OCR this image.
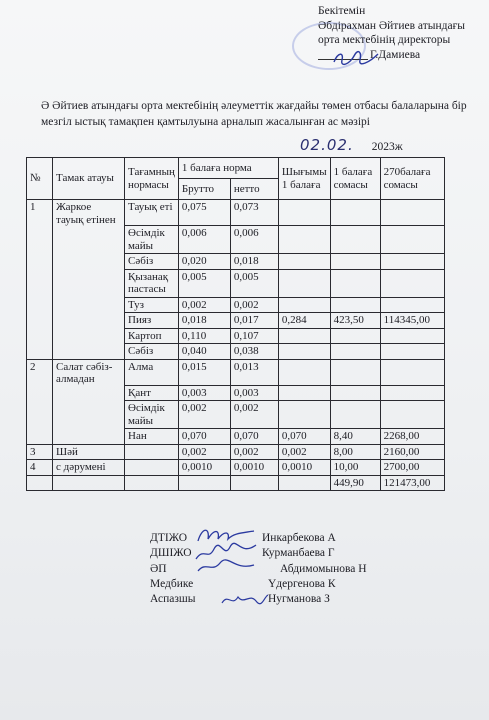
Бекітемін
Әбдірахман Әйтиев атындағы
орта мектебінің директоры
Г.Дамиева
Ә Әйтиев атындағы орта мектебінің әлеуметтік жағдайы төмен отбасы балаларына бір мезгіл ыстық тамақпен қамтылуына арналып жасалынған ас мәзірі
02.02. 2023ж
№	Тамак атауы	Тағамның нормасы	1 балаға норма		Шығымы 1 балаға	1 балаға сомасы	270балаға сомасы
			Брутто	нетто			
1	Жаркое тауық етінен	Тауық еті	0,075	0,073			
		Өсімдік майы	0,006	0,006			
		Сәбіз	0,020	0,018			
		Қызанақ пастасы	0,005	0,005			
		Туз	0,002	0,002			
		Пияз	0,018	0,017	0,284	423,50	114345,00
		Картоп	0,110	0,107			
		Сәбіз	0,040	0,038			
2	Салат сәбіз-алмадан	Алма	0,015	0,013			
		Қант	0,003	0,003			
		Өсімдік майы	0,002	0,002			
		Нан	0,070	0,070	0,070	8,40	2268,00
3	Шәй		0,002	0,002	0,002	8,00	2160,00
4	с дәрумені		0,0010	0,0010	0,0010	10,00	2700,00
						449,90	121473,00
ДТІЖО	Инкарбекова А
ДШІЖО	Курманбаева Г
ӘП	Абдимомынова Н
Медбике	Үдергенова К
Аспазшы	Нугманова З
